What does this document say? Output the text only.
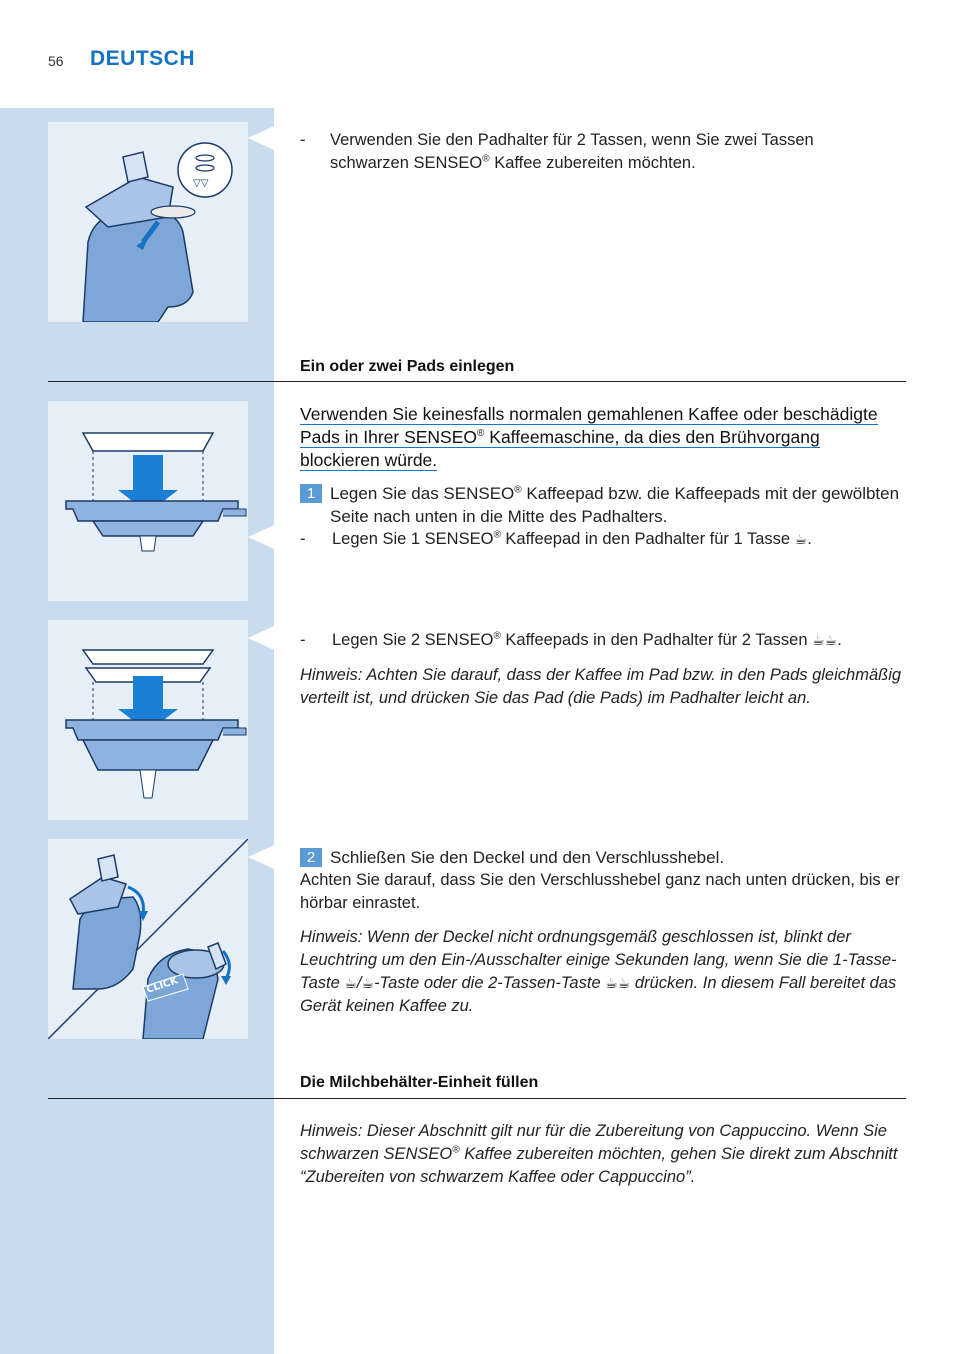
56 DEUTSCH
▽▽
-	Verwenden Sie den Padhalter für 2 Tassen, wenn Sie zwei Tassen
schwarzen SENSEO® Kaffee zubereiten möchten.
Ein oder zwei Pads einlegen

Verwenden Sie keinesfalls normalen gemahlenen Kaffee oder beschädigte

Pads in Ihrer SENSEO® Kaffeemaschine, da dies den Brühvorgang

blockieren würde.

1 Legen Sie das SENSEO® Kaffeepad bzw. die Kaffeepads mit der gewölbten Seite nach unten in die Mitte des Padhalters.
-	Legen Sie 1 SENSEO® Kaffeepad in den Padhalter für 1 Tasse ☕.
-	Legen Sie 2 SENSEO® Kaffeepads in den Padhalter für 2 Tassen ☕☕.

Hinweis: Achten Sie darauf, dass der Kaffee im Pad bzw. in den Pads gleichmäßig verteilt ist, und drücken Sie das Pad (die Pads) im Padhalter leicht an.

CLICK
2 Schließen Sie den Deckel und den Verschlusshebel.

Achten Sie darauf, dass Sie den Verschlusshebel ganz nach unten drücken, bis er hörbar einrastet.

Hinweis: Wenn der Deckel nicht ordnungsgemäß geschlossen ist, blinkt der Leuchtring um den Ein-/Ausschalter einige Sekunden lang, wenn Sie die 1-Tasse-Taste ☕/☕-Taste oder die 2-Tassen-Taste ☕☕ drücken. In diesem Fall bereitet das Gerät keinen Kaffee zu.

Die Milchbehälter-Einheit füllen

Hinweis: Dieser Abschnitt gilt nur für die Zubereitung von Cappuccino. Wenn Sie schwarzen SENSEO® Kaffee zubereiten möchten, gehen Sie direkt zum Abschnitt “Zubereiten von schwarzem Kaffee oder Cappuccino”.
